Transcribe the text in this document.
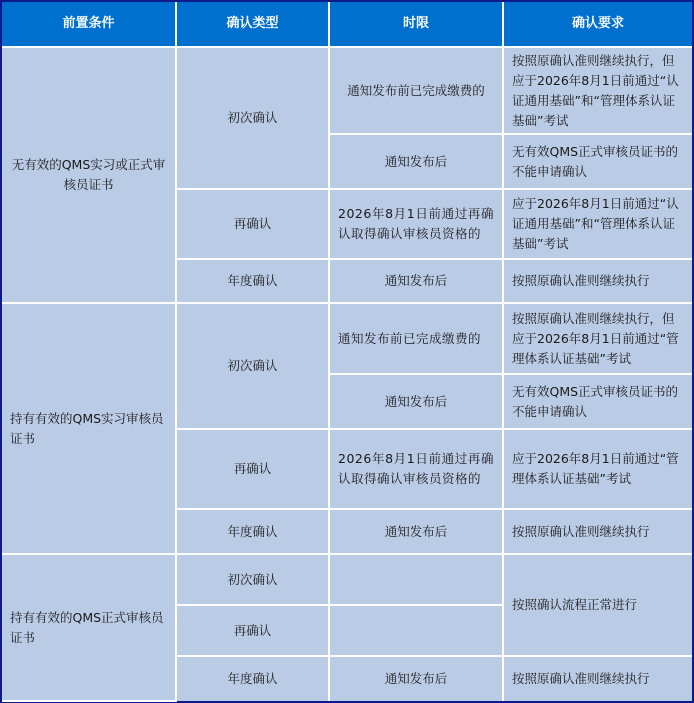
前置条件	确认类型	时限	确认要求
无有效的QMS实习或正式审核员证书	初次确认	通知发布前已完成缴费的	按照原确认准则继续执行，但应于2026年8月1日前通过“认证通用基础”和“管理体系认证基础”考试
		通知发布后	无有效QMS正式审核员证书的不能申请确认
	再确认	2026年8月1日前通过再确认取得确认审核员资格的	应于2026年8月1日前通过“认证通用基础”和“管理体系认证基础”考试
	年度确认	通知发布后	按照原确认准则继续执行
持有有效的QMS实习审核员证书	初次确认	通知发布前已完成缴费的	按照原确认准则继续执行，但应于2026年8月1日前通过“管理体系认证基础”考试
		通知发布后	无有效QMS正式审核员证书的不能申请确认
	再确认	2026年8月1日前通过再确认取得确认审核员资格的	应于2026年8月1日前通过“管理体系认证基础”考试
	年度确认	通知发布后	按照原确认准则继续执行
持有有效的QMS正式审核员证书	初次确认		按照确认流程正常进行
	再确认		
	年度确认	通知发布后	按照原确认准则继续执行
